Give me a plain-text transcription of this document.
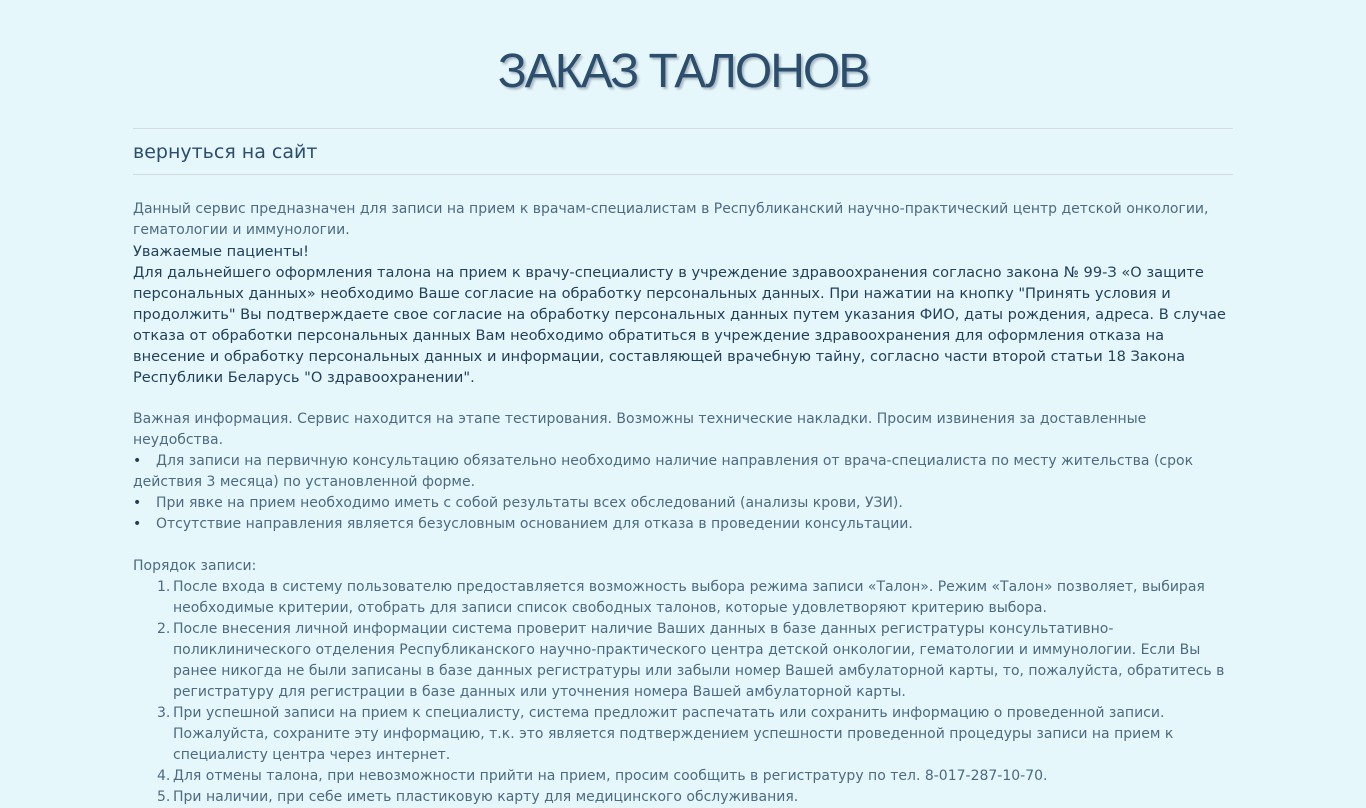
ЗАКАЗ ТАЛОНОВ
вернуться на сайт

Данный сервис предназначен для записи на прием к врачам-специалистам в Республиканский научно-практический центр детской онкологии, гематологии и иммунологии.

Уважаемые пациенты!

Для дальнейшего оформления талона на прием к врачу-специалисту в учреждение здравоохранения согласно закона № 99-З «О защите персональных данных» необходимо Ваше согласие на обработку персональных данных. При нажатии на кнопку "Принять условия и продолжить" Вы подтверждаете свое согласие на обработку персональных данных путем указания ФИО, даты рождения, адреса. В случае отказа от обработки персональных данных Вам необходимо обратиться в учреждение здравоохранения для оформления отказа на внесение и обработку персональных данных и информации, составляющей врачебную тайну, согласно части второй статьи 18 Закона Республики Беларусь "О здравоохранении".

Важная информация. Сервис находится на этапе тестирования. Возможны технические накладки. Просим извинения за доставленные неудобства.

• Для записи на первичную консультацию обязательно необходимо наличие направления от врача-специалиста по месту жительства (срок действия 3 месяца) по установленной форме.
• При явке на прием необходимо иметь с собой результаты всех обследований (анализы крови, УЗИ).
• Отсутствие направления является безусловным основанием для отказа в проведении консультации.

Порядок записи:

1. После входа в систему пользователю предоставляется возможность выбора режима записи «Талон». Режим «Талон» позволяет, выбирая необходимые критерии, отобрать для записи список свободных талонов, которые удовлетворяют критерию выбора.
2. После внесения личной информации система проверит наличие Ваших данных в базе данных регистратуры консультативно-поликлинического отделения Республиканского научно-практического центра детской онкологии, гематологии и иммунологии. Если Вы ранее никогда не были записаны в базе данных регистратуры или забыли номер Вашей амбулаторной карты, то, пожалуйста, обратитесь в регистратуру для регистрации в базе данных или уточнения номера Вашей амбулаторной карты.
3. При успешной записи на прием к специалисту, система предложит распечатать или сохранить информацию о проведенной записи. Пожалуйста, сохраните эту информацию, т.к. это является подтверждением успешности проведенной процедуры записи на прием к специалисту центра через интернет.
4. Для отмены талона, при невозможности прийти на прием, просим сообщить в регистратуру по тел. 8-017-287-10-70.
5. При наличии, при себе иметь пластиковую карту для медицинского обслуживания.
